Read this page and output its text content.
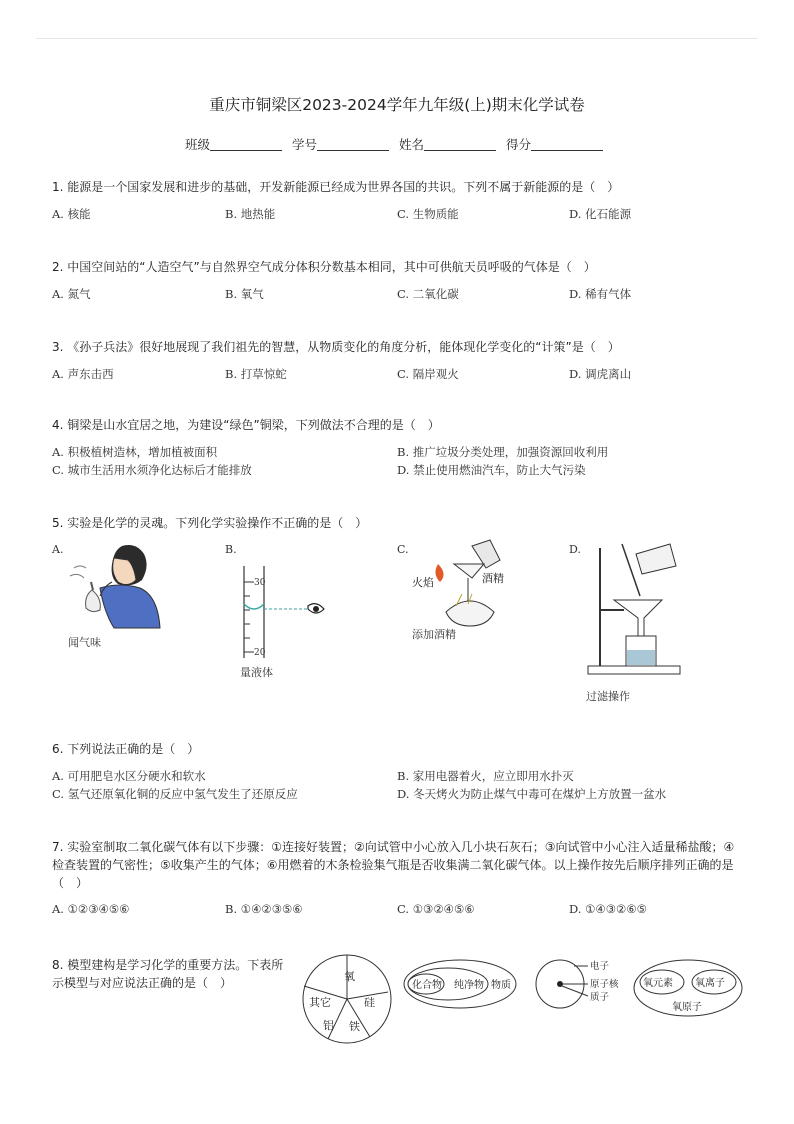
重庆市铜梁区2023-2024学年九年级(上)期末化学试卷
班级	学号	姓名	得分
1. 能源是一个国家发展和进步的基础，开发新能源已经成为世界各国的共识。下列不属于新能源的是（　）
A. 核能	B. 地热能	C. 生物质能	D. 化石能源
2. 中国空间站的“人造空气”与自然界空气成分体积分数基本相同，其中可供航天员呼吸的气体是（　）
A. 氮气	B. 氧气	C. 二氧化碳	D. 稀有气体
3. 《孙子兵法》很好地展现了我们祖先的智慧，从物质变化的角度分析，能体现化学变化的“计策”是（　）
A. 声东击西	B. 打草惊蛇	C. 隔岸观火	D. 调虎离山
4. 铜梁是山水宜居之地，为建设“绿色”铜梁，下列做法不合理的是（　）
A. 积极植树造林，增加植被面积	B. 推广垃圾分类处理，加强资源回收利用
C. 城市生活用水须净化达标后才能排放	D. 禁止使用燃油汽车，防止大气污染
5. 实验是化学的灵魂。下列化学实验操作不正确的是（　）
A.	B.	C.	D.
闻气味
30
20
量液体
火焰	酒精
添加酒精
过滤操作
6. 下列说法正确的是（　）
A. 可用肥皂水区分硬水和软水	B. 家用电器着火，应立即用水扑灭
C. 氢气还原氧化铜的反应中氢气发生了还原反应	D. 冬天烤火为防止煤气中毒可在煤炉上方放置一盆水
7. 实验室制取二氧化碳气体有以下步骤：①连接好装置；②向试管中小心放入几小块石灰石；③向试管中小心注入适量稀盐酸；④
检查装置的气密性；⑤收集产生的气体；⑥用燃着的木条检验集气瓶是否收集满二氧化碳气体。以上操作按先后顺序排列正确的是
（　）
A. ①②③④⑤⑥	B. ①④②③⑤⑥	C. ①③②④⑤⑥	D. ①④③②⑥⑤
8. 模型建构是学习化学的重要方法。下表所
示模型与对应说法正确的是（　）	氧
硅
铁
铝
其它
化合物 纯净物 物质
电子
原子核
质子
氧元素 氧离子
氧原子
